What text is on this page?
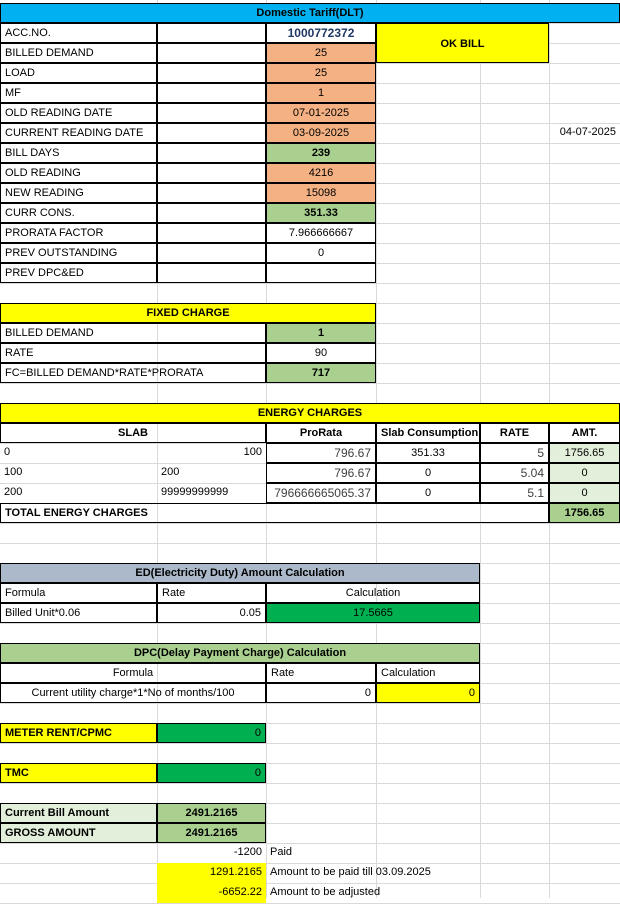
Domestic Tariff(DLT)
OK BILL
04-07-2025
ACC.NO.	1000772372
BILLED DEMAND	25
LOAD	25
MF	1
OLD READING DATE	07-01-2025
CURRENT READING DATE	03-09-2025
BILL DAYS	239
OLD READING	4216
NEW READING	15098
CURR CONS.	351.33
PRORATA FACTOR	7.966666667
PREV OUTSTANDING	0
PREV DPC&ED
FIXED CHARGE
BILLED DEMAND	1
RATE	90
FC=BILLED DEMAND*RATE*PRORATA	717
ENERGY CHARGES
SLAB	ProRata	Slab Consumption	RATE	AMT.
0	100	796.67	351.33	5	1756.65
100	200	796.67	0	5.04	0
200	99999999999	796666665065.37	0	5.1	0
TOTAL ENERGY CHARGES	1756.65
ED(Electricity Duty) Amount Calculation
Formula	Rate	Calculation
Billed Unit*0.06	0.05	17.5665
DPC(Delay Payment Charge) Calculation
Formula	Rate	Calculation
Current utility charge*1*No of months/100	0	0
METER RENT/CPMC	0
TMC	0
Current Bill Amount	2491.2165
GROSS AMOUNT	2491.2165
-1200 Paid
1291.2165 Amount to be paid till 03.09.2025
-6652.22 Amount to be adjusted
